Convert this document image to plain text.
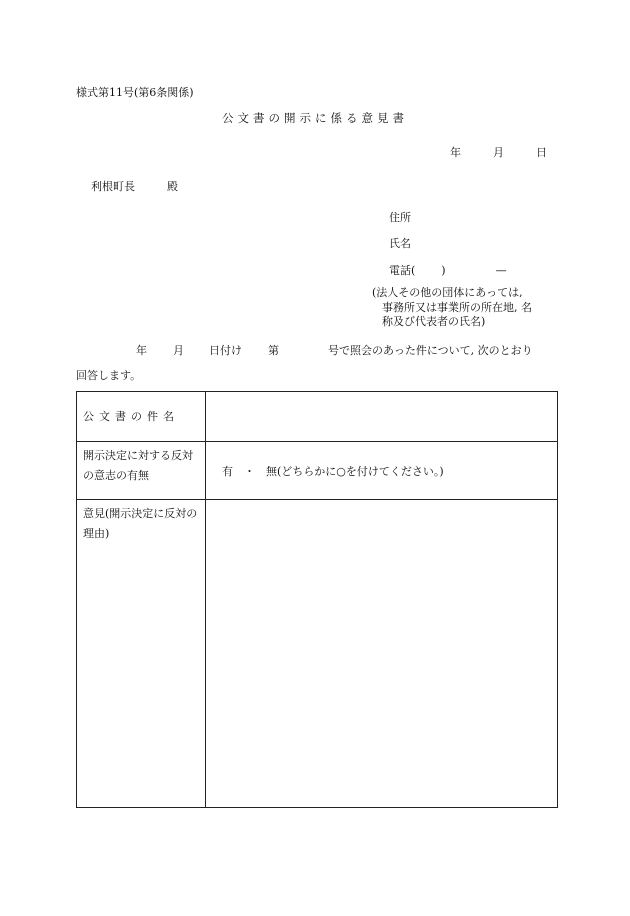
様式第11号(第6条関係)
公文書の開示に係る意見書
年	月	日
利根町長	殿
住所
氏名
電話( )	—
(法人その他の団体にあっては,
事務所又は事業所の所在地, 名
称及び代表者の氏名)
年 月 日付け 第	号で照会のあった件について, 次のとおり
回答します。
公文書の件名	
開示決定に対する反対の意志の有無	有　・　無(どちらかに○を付けてください。)
意見(開示決定に反対の理由)	
